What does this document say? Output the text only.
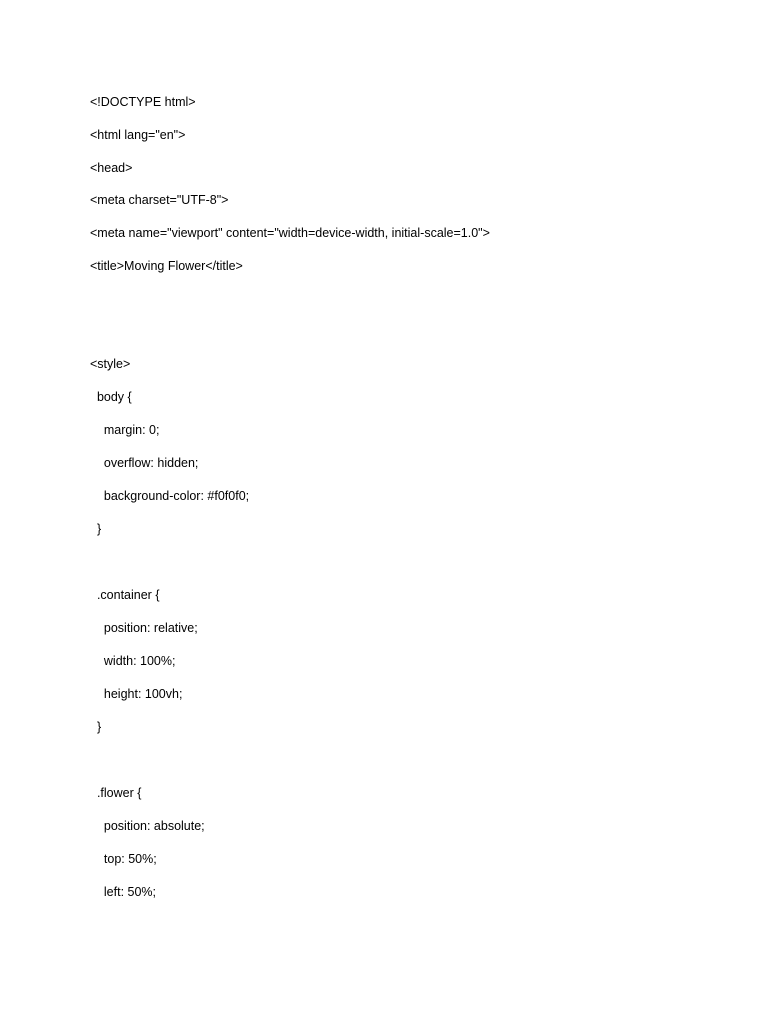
<!DOCTYPE html>

<html lang="en">

<head>

<meta charset="UTF-8">

<meta name="viewport" content="width=device-width, initial-scale=1.0">

<title>Moving Flower</title>

<style>

body {

margin: 0;

overflow: hidden;

background-color: #f0f0f0;

}

.container {

position: relative;

width: 100%;

height: 100vh;

}

.flower {

position: absolute;

top: 50%;

left: 50%;
